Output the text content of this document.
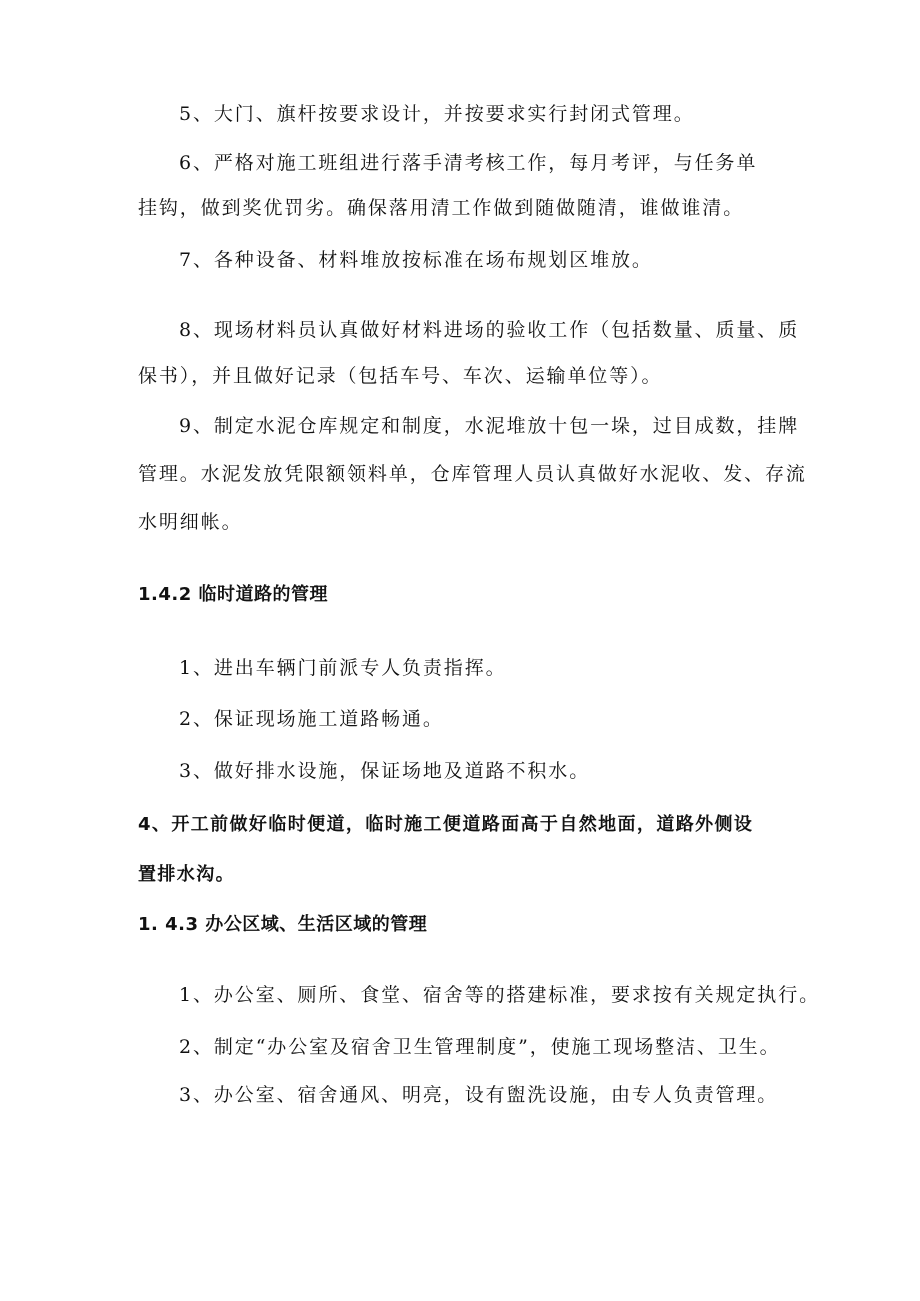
5、大门、旗杆按要求设计，并按要求实行封闭式管理。
6、严格对施工班组进行落手清考核工作，每月考评，与任务单
挂钩，做到奖优罚劣。确保落用清工作做到随做随清，谁做谁清。
7、各种设备、材料堆放按标准在场布规划区堆放。
8、现场材料员认真做好材料进场的验收工作（包括数量、质量、质
保书），并且做好记录（包括车号、车次、运输单位等）。
9、制定水泥仓库规定和制度，水泥堆放十包一垛，过目成数，挂牌
管理。水泥发放凭限额领料单，仓库管理人员认真做好水泥收、发、存流
水明细帐。
1.4.2 临时道路的管理
1、进出车辆门前派专人负责指挥。
2、保证现场施工道路畅通。
3、做好排水设施，保证场地及道路不积水。
4、开工前做好临时便道，临时施工便道路面高于自然地面，道路外侧设
置排水沟。
1. 4.3 办公区域、生活区域的管理
1、办公室、厕所、食堂、宿舍等的搭建标准，要求按有关规定执行。
2、制定“办公室及宿舍卫生管理制度”，使施工现场整洁、卫生。
3、办公室、宿舍通风、明亮，设有盥洗设施，由专人负责管理。
